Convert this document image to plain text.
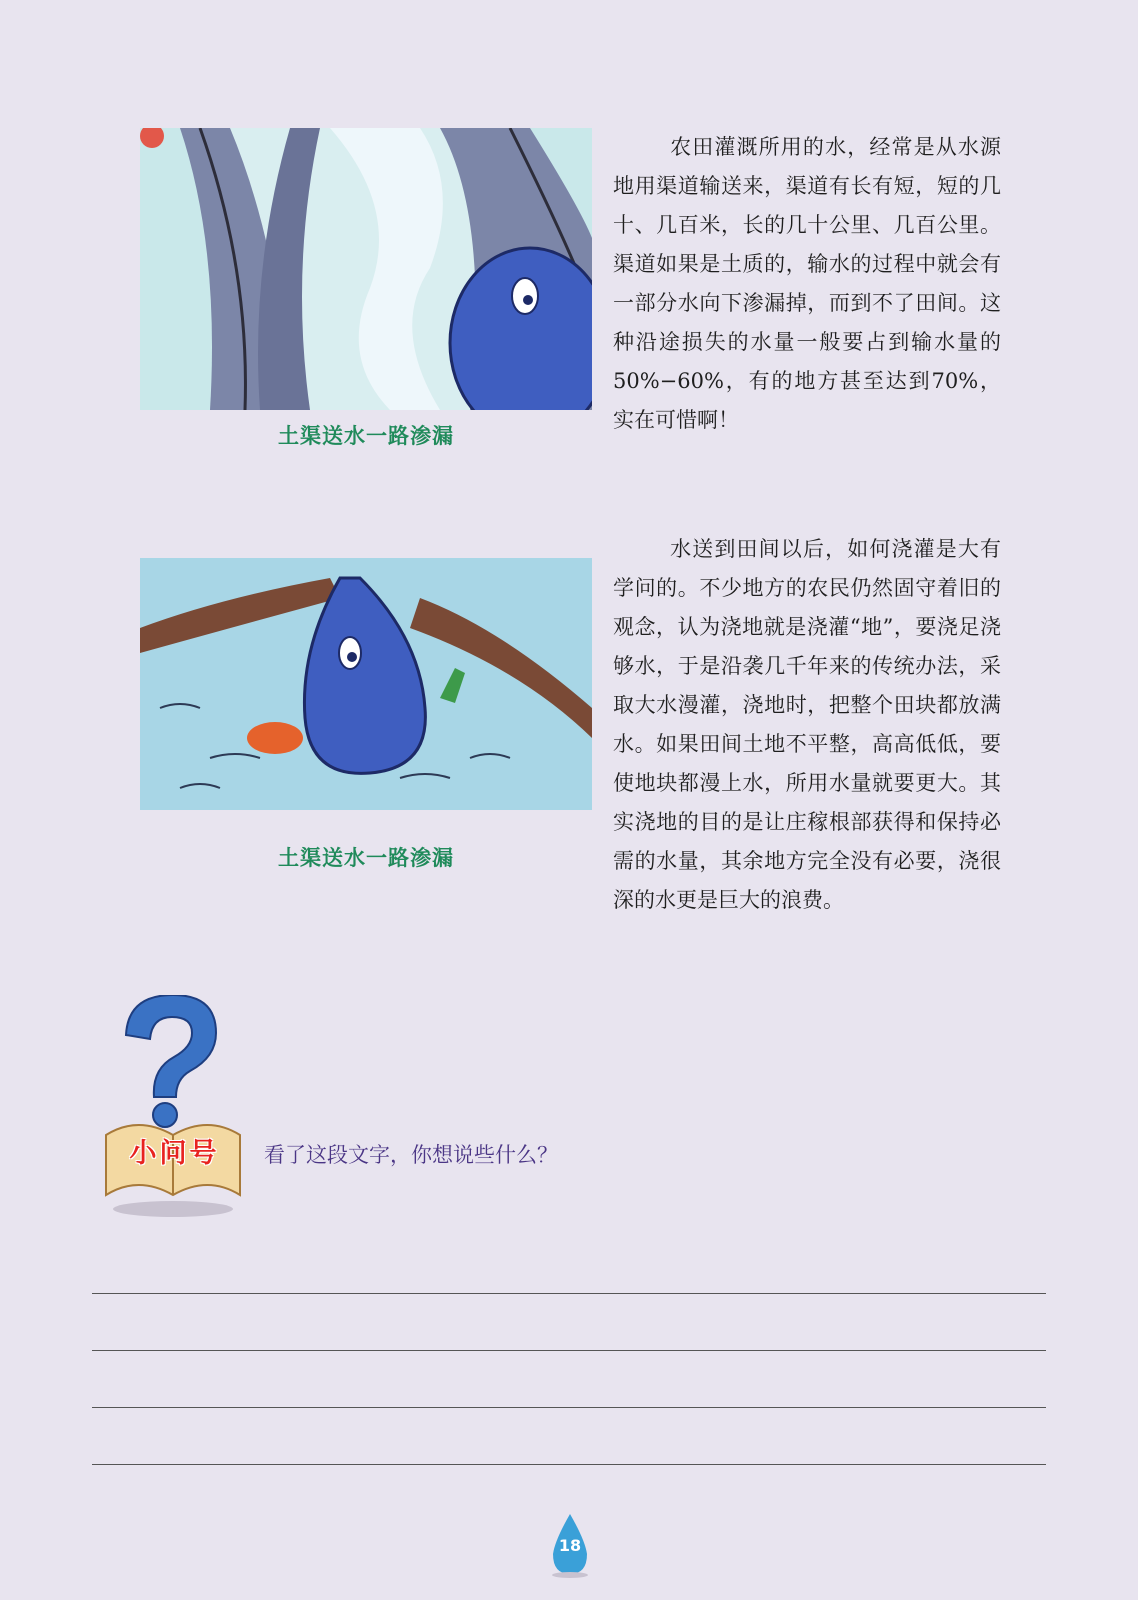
土渠送水一路渗漏
农田灌溉所用的水，经常是从水源地用渠道输送来，渠道有长有短，短的几十、几百米，长的几十公里、几百公里。渠道如果是土质的，输水的过程中就会有一部分水向下渗漏掉，而到不了田间。这种沿途损失的水量一般要占到输水量的50%−60%，有的地方甚至达到70%，实在可惜啊！
土渠送水一路渗漏
水送到田间以后，如何浇灌是大有学问的。不少地方的农民仍然固守着旧的观念，认为浇地就是浇灌“地”，要浇足浇够水，于是沿袭几千年来的传统办法，采取大水漫灌，浇地时，把整个田块都放满水。如果田间土地不平整，高高低低，要使地块都漫上水，所用水量就要更大。其实浇地的目的是让庄稼根部获得和保持必需的水量，其余地方完全没有必要，浇很深的水更是巨大的浪费。
小问号	看了这段文字，你想说些什么？
18
